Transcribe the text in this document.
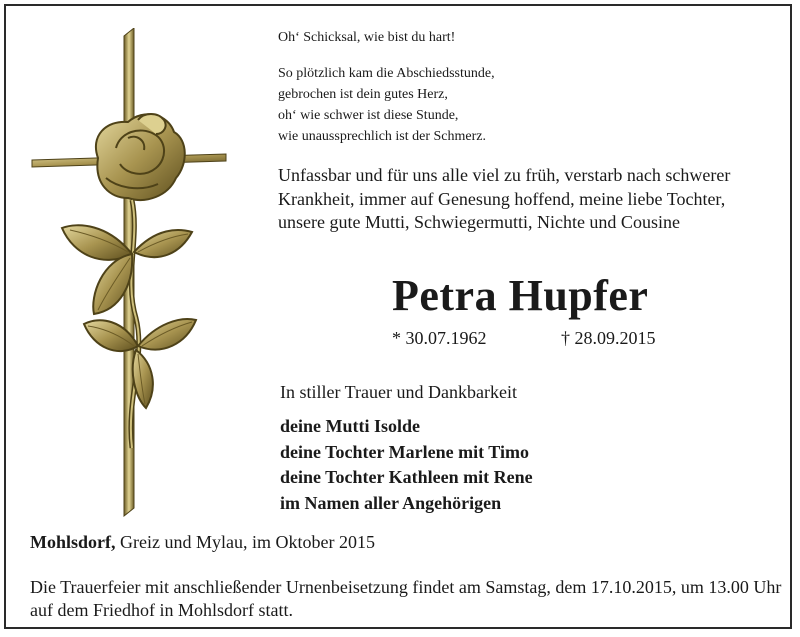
Oh‘ Schicksal, wie bist du hart!

So plötzlich kam die Abschiedsstunde,

gebrochen ist dein gutes Herz,

oh‘ wie schwer ist diese Stunde,

wie unaussprechlich ist der Schmerz.

Unfassbar und für uns alle viel zu früh, verstarb nach schwerer
Krankheit, immer auf Genesung hoffend, meine liebe Tochter,
unsere gute Mutti, Schwiegermutti, Nichte und Cousine
Petra Hupfer
* 30.07.1962	† 28.09.2015
In stiller Trauer und Dankbarkeit
deine Mutti Isolde
deine Tochter Marlene mit Timo
deine Tochter Kathleen mit Rene
im Namen aller Angehörigen
Mohlsdorf, Greiz und Mylau, im Oktober 2015
Die Trauerfeier mit anschließender Urnenbeisetzung findet am Samstag, dem 17.10.2015, um 13.00 Uhr auf dem Friedhof in Mohlsdorf statt.
